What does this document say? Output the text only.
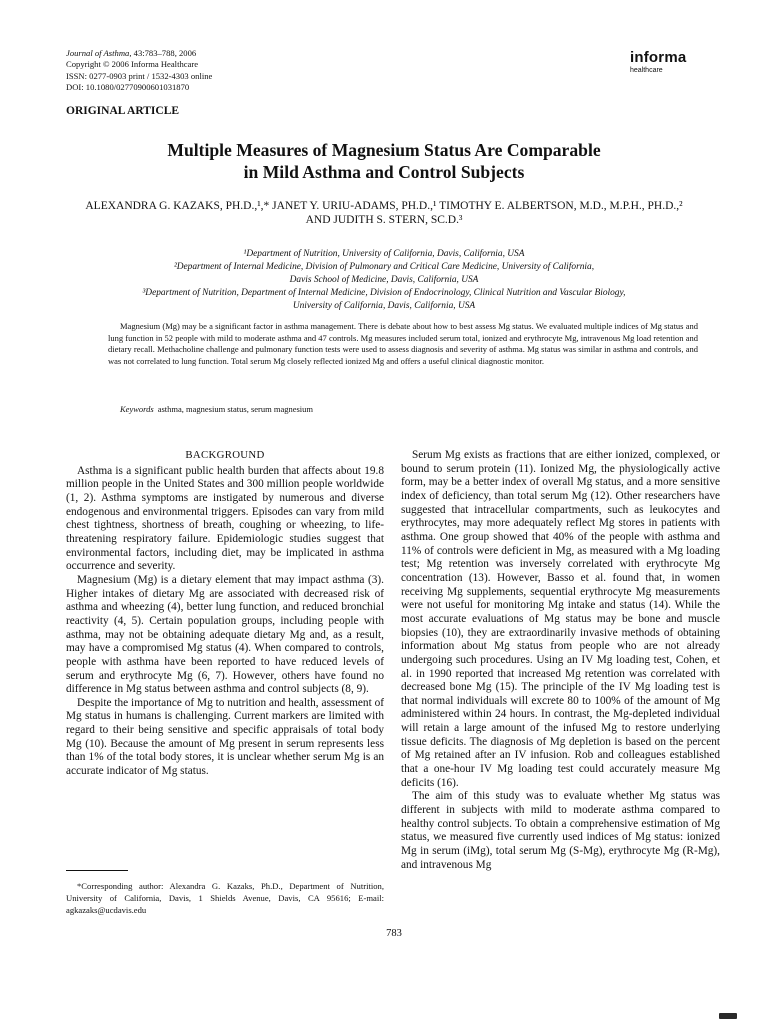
Journal of Asthma, 43:783–788, 2006
Copyright © 2006 Informa Healthcare
ISSN: 0277-0903 print / 1532-4303 online
DOI: 10.1080/02770900601031870
informa
healthcare
ORIGINAL ARTICLE
Multiple Measures of Magnesium Status Are Comparable
in Mild Asthma and Control Subjects
ALEXANDRA G. KAZAKS, PH.D.,¹,* JANET Y. URIU-ADAMS, PH.D.,¹ TIMOTHY E. ALBERTSON, M.D., M.P.H., PH.D.,²
AND JUDITH S. STERN, SC.D.³
¹Department of Nutrition, University of California, Davis, California, USA
²Department of Internal Medicine, Division of Pulmonary and Critical Care Medicine, University of California,
Davis School of Medicine, Davis, California, USA
³Department of Nutrition, Department of Internal Medicine, Division of Endocrinology, Clinical Nutrition and Vascular Biology,
University of California, Davis, California, USA
Magnesium (Mg) may be a significant factor in asthma management. There is debate about how to best assess Mg status. We evaluated multiple indices of Mg status and lung function in 52 people with mild to moderate asthma and 47 controls. Mg measures included serum total, ionized and erythrocyte Mg, intravenous Mg load retention and dietary recall. Methacholine challenge and pulmonary function tests were used to assess diagnosis and severity of asthma. Mg status was similar in asthma and controls, and was not correlated to lung function. Total serum Mg closely reflected ionized Mg and offers a useful clinical diagnostic monitor.
Keywords asthma, magnesium status, serum magnesium
BACKGROUND

Asthma is a significant public health burden that affects about 19.8 million people in the United States and 300 million people worldwide (1, 2). Asthma symptoms are instigated by numerous and diverse endogenous and environmental triggers. Episodes can vary from mild chest tightness, shortness of breath, coughing or wheezing, to life-threatening respiratory failure. Epidemiologic studies suggest that environmental factors, including diet, may be implicated in asthma occurrence and severity.

Magnesium (Mg) is a dietary element that may impact asthma (3). Higher intakes of dietary Mg are associated with decreased risk of asthma and wheezing (4), better lung function, and reduced bronchial reactivity (4, 5). Certain population groups, including people with asthma, may not be obtaining adequate dietary Mg and, as a result, may have a compromised Mg status (4). When compared to controls, people with asthma have been reported to have reduced levels of serum and erythrocyte Mg (6, 7). However, others have found no difference in Mg status between asthma and control subjects (8, 9).

Despite the importance of Mg to nutrition and health, assessment of Mg status in humans is challenging. Current markers are limited with regard to their being sensitive and specific appraisals of total body Mg (10). Because the amount of Mg present in serum represents less than 1% of the total body stores, it is unclear whether serum Mg is an accurate indicator of Mg status.

Serum Mg exists as fractions that are either ionized, complexed, or bound to serum protein (11). Ionized Mg, the physiologically active form, may be a better index of overall Mg status, and a more sensitive index of deficiency, than total serum Mg (12). Other researchers have suggested that intracellular compartments, such as leukocytes and erythrocytes, may more adequately reflect Mg stores in patients with asthma. One group showed that 40% of the people with asthma and 11% of controls were deficient in Mg, as measured with a Mg loading test; Mg retention was inversely correlated with erythrocyte Mg concentration (13). However, Basso et al. found that, in women receiving Mg supplements, sequential erythrocyte Mg measurements were not useful for monitoring Mg intake and status (14). While the most accurate evaluations of Mg status may be bone and muscle biopsies (10), they are extraordinarily invasive methods of obtaining information about Mg status from people who are not already undergoing such procedures. Using an IV Mg loading test, Cohen, et al. in 1990 reported that increased Mg retention was correlated with decreased bone Mg (15). The principle of the IV Mg loading test is that normal individuals will excrete 80 to 100% of the amount of Mg administered within 24 hours. In contrast, the Mg-depleted individual will retain a large amount of the infused Mg to restore underlying tissue deficits. The diagnosis of Mg depletion is based on the percent of Mg retained after an IV infusion. Rob and colleagues established that a one-hour IV Mg loading test could accurately measure Mg deficits (16).

The aim of this study was to evaluate whether Mg status was different in subjects with mild to moderate asthma compared to healthy control subjects. To obtain a comprehensive estimation of Mg status, we measured five currently used indices of Mg status: ionized Mg in serum (iMg), total serum Mg (S-Mg), erythrocyte Mg (R-Mg), and intravenous Mg

*Corresponding author: Alexandra G. Kazaks, Ph.D., Department of Nutrition, University of California, Davis, 1 Shields Avenue, Davis, CA 95616; E-mail: agkazaks@ucdavis.edu
783
